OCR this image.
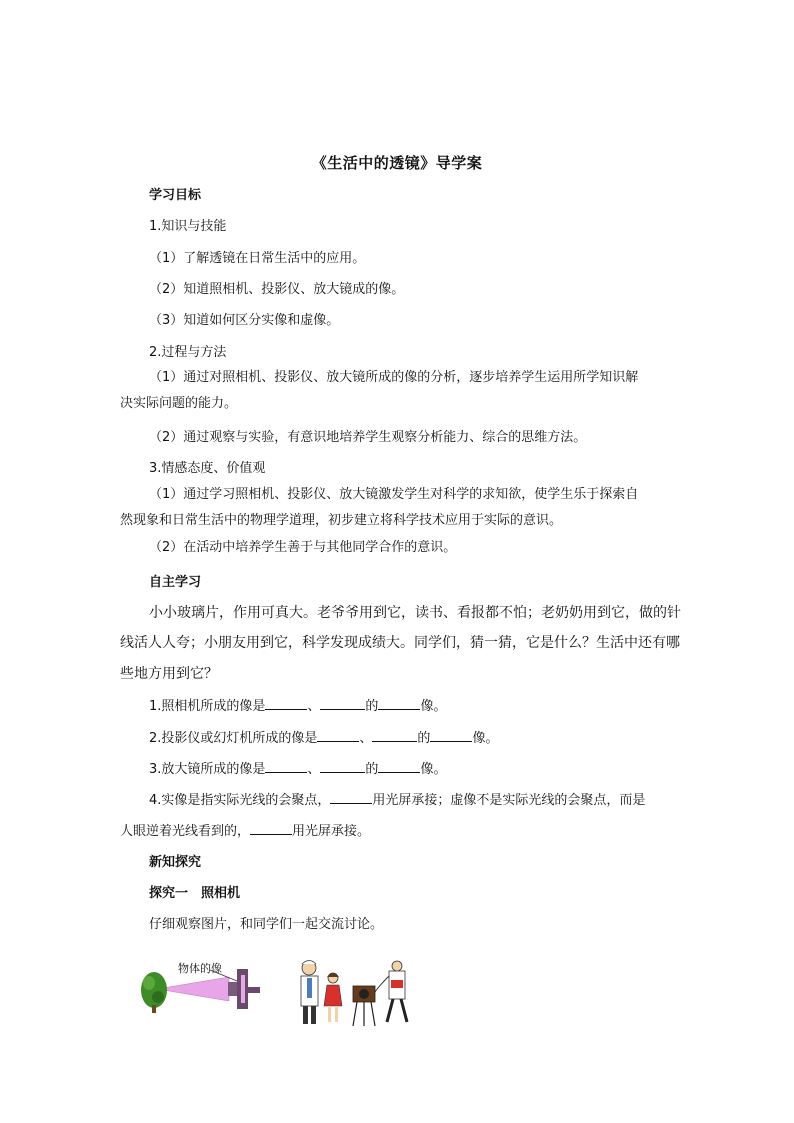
《生活中的透镜》导学案
学习目标
1.知识与技能
（1）了解透镜在日常生活中的应用。
（2）知道照相机、投影仪、放大镜成的像。
（3）知道如何区分实像和虚像。
2.过程与方法
（1）通过对照相机、投影仪、放大镜所成的像的分析，逐步培养学生运用所学知识解
决实际问题的能力。
（2）通过观察与实验，有意识地培养学生观察分析能力、综合的思维方法。
3.情感态度、价值观
（1）通过学习照相机、投影仪、放大镜激发学生对科学的求知欲，使学生乐于探索自
然现象和日常生活中的物理学道理，初步建立将科学技术应用于实际的意识。
（2）在活动中培养学生善于与其他同学合作的意识。
自主学习
小小玻璃片，作用可真大。老爷爷用到它，读书、看报都不怕；老奶奶用到它，做的针
线活人人夸；小朋友用到它，科学发现成绩大。同学们，猜一猜，它是什么？生活中还有哪
些地方用到它？
1.照相机所成的像是	、	的	像。
2.投影仪或幻灯机所成的像是	、	的	像。
3.放大镜所成的像是	、	的	像。
4.实像是指实际光线的会聚点，	用光屏承接；虚像不是实际光线的会聚点，而是
人眼逆着光线看到的，	用光屏承接。
新知探究
探究一　照相机
仔细观察图片，和同学们一起交流讨论。
物体的像
